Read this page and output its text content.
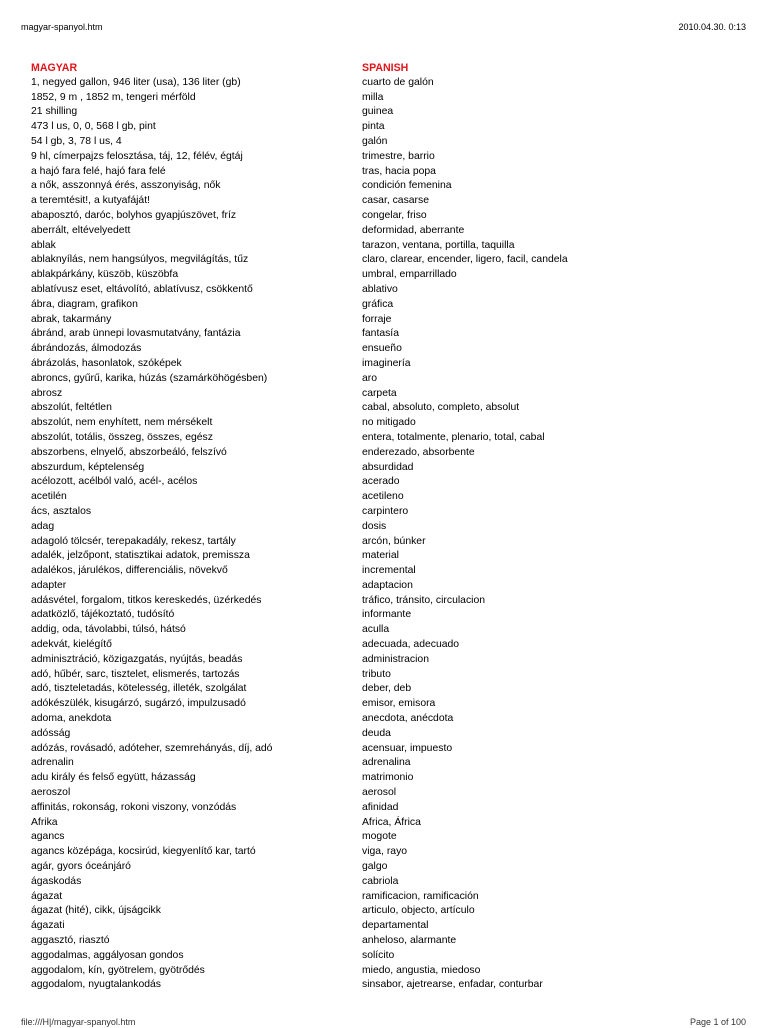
magyar-spanyol.htm	2010.04.30. 0:13
MAGYAR
1, negyed gallon, 946 liter (usa), 136 liter (gb)
1852, 9 m , 1852 m, tengeri mérföld
21 shilling
473 l us, 0, 0, 568 l gb, pint
54 l gb, 3, 78 l us, 4
9 hl, címerpajzs felosztása, táj, 12, félév, égtáj
a hajó fara felé, hajó fara felé
a nők, asszonnyá érés, asszonyiság, nők
a teremtésit!, a kutyafáját!
abaposztó, daróc, bolyhos gyapjúszövet, fríz
aberrált, eltévelyedett
ablak
ablaknyílás, nem hangsúlyos, megvilágítás, tűz
ablakpárkány, küszöb, küszöbfa
ablatívusz eset, eltávolító, ablatívusz, csökkentő
ábra, diagram, grafikon
abrak, takarmány
ábránd, arab ünnepi lovasmutatvány, fantázia
ábrándozás, álmodozás
ábrázolás, hasonlatok, szóképek
abroncs, gyűrű, karika, húzás (szamárköhögésben)
abrosz
abszolút, feltétlen
abszolút, nem enyhített, nem mérsékelt
abszolút, totális, összeg, összes, egész
abszorbens, elnyelő, abszorbeáló, felszívó
abszurdum, képtelenség
acélozott, acélból való, acél-, acélos
acetilén
ács, asztalos
adag
adagoló tölcsér, terepakadály, rekesz, tartály
adalék, jelzőpont, statisztikai adatok, premissza
adalékos, járulékos, differenciális, növekvő
adapter
adásvétel, forgalom, titkos kereskedés, üzérkedés
adatközlő, tájékoztató, tudósító
addig, oda, távolabbi, túlsó, hátsó
adekvát, kielégítő
adminisztráció, közigazgatás, nyújtás, beadás
adó, hűbér, sarc, tisztelet, elismerés, tartozás
adó, tiszteletadás, kötelesség, illeték, szolgálat
adókészülék, kisugárzó, sugárzó, impulzusadó
adoma, anekdota
adósság
adózás, rovásadó, adóteher, szemrehányás, díj, adó
adrenalin
adu király és felső együtt, házasság
aeroszol
affinitás, rokonság, rokoni viszony, vonzódás
Afrika
agancs
agancs középága, kocsirúd, kiegyenlítő kar, tartó
agár, gyors óceánjáró
ágaskodás
ágazat
ágazat (hité), cikk, újságcikk
ágazati
aggasztó, riasztó
aggodalmas, aggályosan gondos
aggodalom, kín, gyötrelem, gyötrődés
aggodalom, nyugtalankodás
SPANISH
cuarto de galón
milla
guinea
pinta
galón
trimestre, barrio
tras, hacia popa
condición femenina
casar, casarse
congelar, friso
deformidad, aberrante
tarazon, ventana, portilla, taquilla
claro, clarear, encender, ligero, facil, candela
umbral, emparrillado
ablativo
gráfica
forraje
fantasía
ensueño
imaginería
aro
carpeta
cabal, absoluto, completo, absolut
no mitigado
entera, totalmente, plenario, total, cabal
enderezado, absorbente
absurdidad
acerado
acetileno
carpintero
dosis
arcón, búnker
material
incremental
adaptacion
tráfico, tránsito, circulacion
informante
aculla
adecuada, adecuado
administracion
tributo
deber, deb
emisor, emisora
anecdota, anécdota
deuda
acensuar, impuesto
adrenalina
matrimonio
aerosol
afinidad
Africa, África
mogote
viga, rayo
galgo
cabriola
ramificacion, ramificación
articulo, objecto, artículo
departamental
anheloso, alarmante
solícito
miedo, angustia, miedoso
sinsabor, ajetrearse, enfadar, conturbar
file:///H|/magyar-spanyol.htm	Page 1 of 100
